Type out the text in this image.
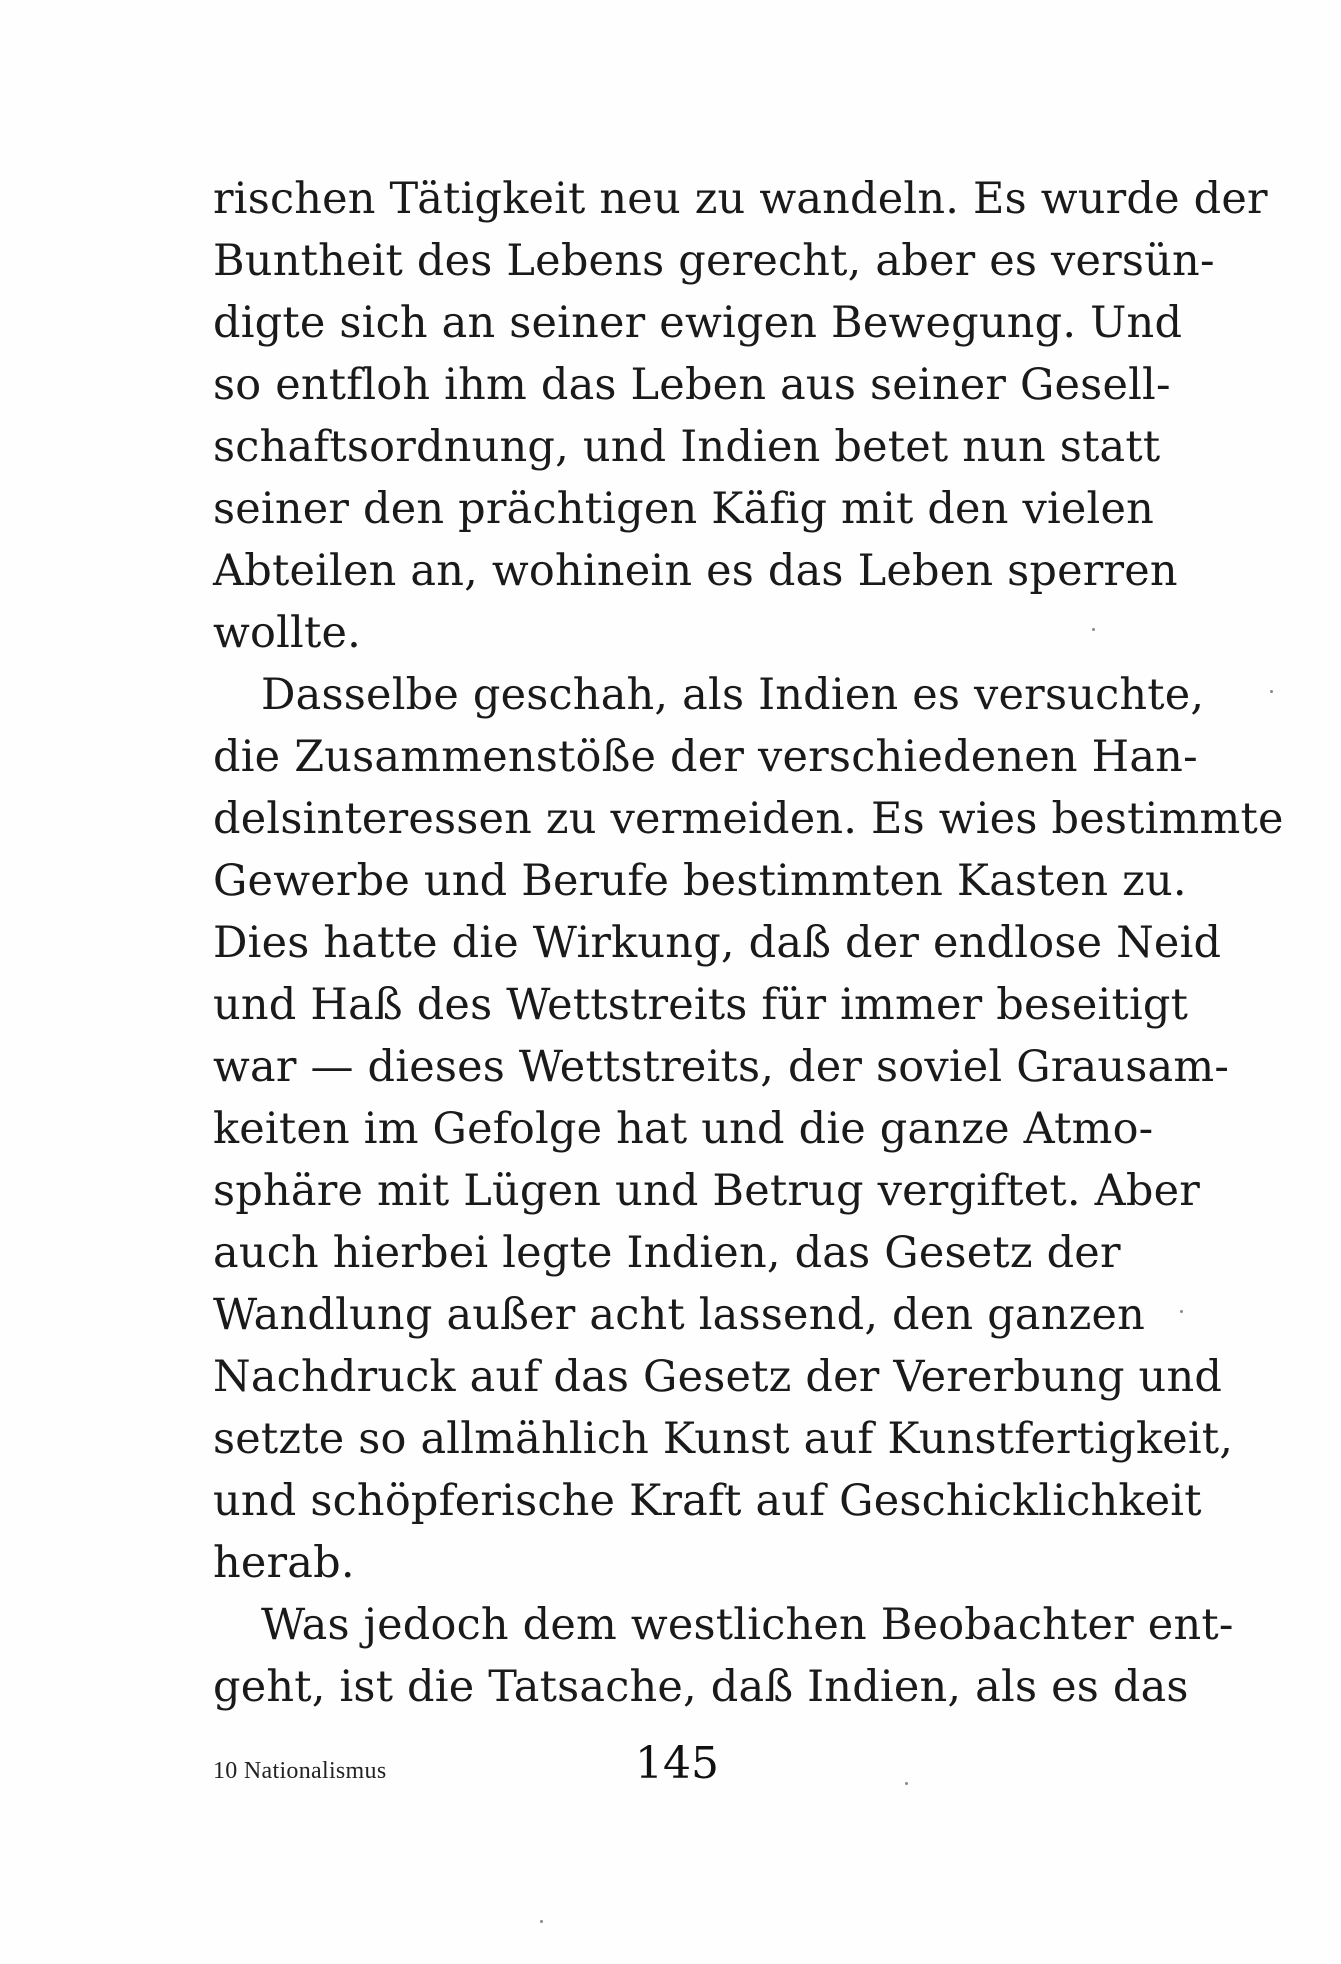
rischen Tätigkeit neu zu wandeln. Es wurde der
Buntheit des Lebens gerecht, aber es versün-
digte sich an seiner ewigen Bewegung. Und
so entfloh ihm das Leben aus seiner Gesell-
schaftsordnung, und Indien betet nun statt
seiner den prächtigen Käfig mit den vielen
Abteilen an, wohinein es das Leben sperren
wollte.
Dasselbe geschah, als Indien es versuchte,
die Zusammenstöße der verschiedenen Han-
delsinteressen zu vermeiden. Es wies bestimmte
Gewerbe und Berufe bestimmten Kasten zu.
Dies hatte die Wirkung, daß der endlose Neid
und Haß des Wettstreits für immer beseitigt
war — dieses Wettstreits, der soviel Grausam-
keiten im Gefolge hat und die ganze Atmo-
sphäre mit Lügen und Betrug vergiftet. Aber
auch hierbei legte Indien, das Gesetz der
Wandlung außer acht lassend, den ganzen
Nachdruck auf das Gesetz der Vererbung und
setzte so allmählich Kunst auf Kunstfertigkeit,
und schöpferische Kraft auf Geschicklichkeit
herab.
Was jedoch dem westlichen Beobachter ent-
geht, ist die Tatsache, daß Indien, als es das
10 Nationalismus	145
